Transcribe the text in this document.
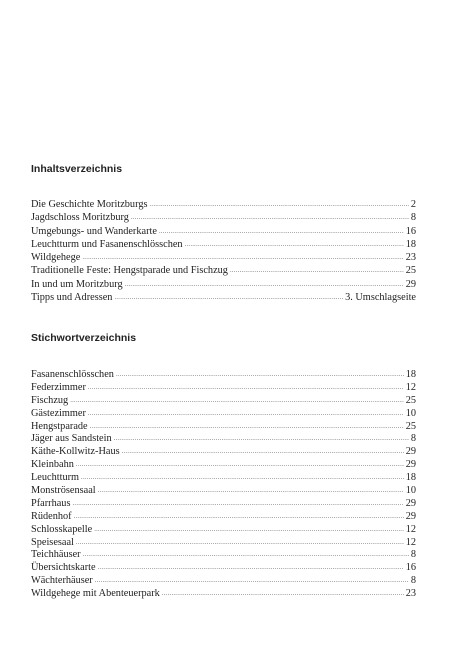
Inhaltsverzeichnis
Die Geschichte Moritzburgs .....	2
Jagdschloss Moritzburg .....	8
Umgebungs- und Wanderkarte .....	16
Leuchtturm und Fasanenschlösschen .....	18
Wildgehege .....	23
Traditionelle Feste: Hengstparade und Fischzug .....	25
In und um Moritzburg .....	29
Tipps und Adressen .....	3. Umschlagseite
Stichwortverzeichnis
Fasanenschlösschen .....	18
Federzimmer .....	12
Fischzug .....	25
Gästezimmer .....	10
Hengstparade .....	25
Jäger aus Sandstein .....	8
Käthe-Kollwitz-Haus .....	29
Kleinbahn .....	29
Leuchtturm .....	18
Monströsensaal .....	10
Pfarrhaus .....	29
Rüdenhof .....	29
Schlosskapelle .....	12
Speisesaal .....	12
Teichhäuser .....	8
Übersichtskarte .....	16
Wächterhäuser .....	8
Wildgehege mit Abenteuerpark .....	23
